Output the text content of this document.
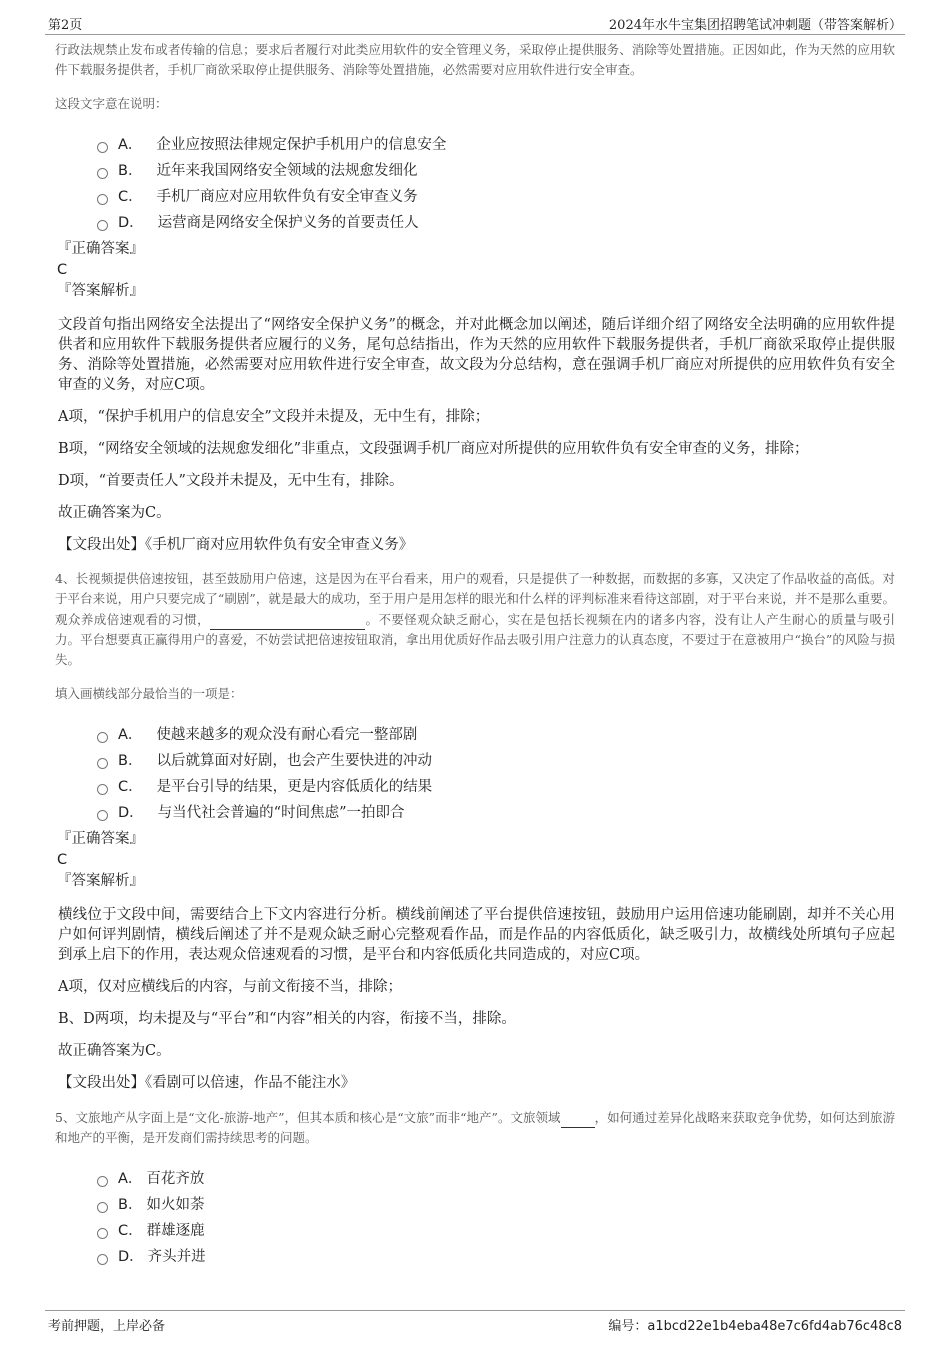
第2页	2024年水牛宝集团招聘笔试冲刺题（带答案解析）
行政法规禁止发布或者传输的信息；要求后者履行对此类应用软件的安全管理义务，采取停止提供服务、消除等处置措施。正因如此，作为天然的应用软件下载服务提供者，手机厂商欲采取停止提供服务、消除等处置措施，必然需要对应用软件进行安全审查。
这段文字意在说明：
A． 企业应按照法律规定保护手机用户的信息安全
B． 近年来我国网络安全领域的法规愈发细化
C． 手机厂商应对应用软件负有安全审查义务
D． 运营商是网络安全保护义务的首要责任人
『正确答案』
C
『答案解析』
文段首句指出网络安全法提出了“网络安全保护义务”的概念，并对此概念加以阐述，随后详细介绍了网络安全法明确的应用软件提供者和应用软件下载服务提供者应履行的义务，尾句总结指出，作为天然的应用软件下载服务提供者，手机厂商欲采取停止提供服务、消除等处置措施，必然需要对应用软件进行安全审查，故文段为分总结构，意在强调手机厂商应对所提供的应用软件负有安全审查的义务，对应C项。
A项，“保护手机用户的信息安全”文段并未提及，无中生有，排除；
B项，“网络安全领域的法规愈发细化”非重点，文段强调手机厂商应对所提供的应用软件负有安全审查的义务，排除；
D项，“首要责任人”文段并未提及，无中生有，排除。
故正确答案为C。
【文段出处】《手机厂商对应用软件负有安全审查义务》
4、长视频提供倍速按钮，甚至鼓励用户倍速，这是因为在平台看来，用户的观看，只是提供了一种数据，而数据的多寡，又决定了作品收益的高低。对于平台来说，用户只要完成了“刷剧”，就是最大的成功，至于用户是用怎样的眼光和什么样的评判标准来看待这部剧，对于平台来说，并不是那么重要。观众养成倍速观看的习惯，	。不要怪观众缺乏耐心，实在是包括长视频在内的诸多内容，没有让人产生耐心的质量与吸引力。平台想要真正赢得用户的喜爱，不妨尝试把倍速按钮取消，拿出用优质好作品去吸引用户注意力的认真态度，不要过于在意被用户“换台”的风险与损失。
填入画横线部分最恰当的一项是：
A． 使越来越多的观众没有耐心看完一整部剧
B． 以后就算面对好剧，也会产生要快进的冲动
C． 是平台引导的结果，更是内容低质化的结果
D． 与当代社会普遍的“时间焦虑”一拍即合
『正确答案』
C
『答案解析』
横线位于文段中间，需要结合上下文内容进行分析。横线前阐述了平台提供倍速按钮，鼓励用户运用倍速功能刷剧，却并不关心用户如何评判剧情，横线后阐述了并不是观众缺乏耐心完整观看作品，而是作品的内容低质化，缺乏吸引力，故横线处所填句子应起到承上启下的作用，表达观众倍速观看的习惯，是平台和内容低质化共同造成的，对应C项。
A项，仅对应横线后的内容，与前文衔接不当，排除；
B、D两项，均未提及与“平台”和“内容”相关的内容，衔接不当，排除。
故正确答案为C。
【文段出处】《看剧可以倍速，作品不能注水》
5、文旅地产从字面上是“文化-旅游-地产”，但其本质和核心是“文旅”而非“地产”。文旅领域	，如何通过差异化战略来获取竞争优势，如何达到旅游和地产的平衡，是开发商们需持续思考的问题。
A． 百花齐放
B． 如火如荼
C． 群雄逐鹿
D． 齐头并进
考前押题，上岸必备	编号：a1bcd22e1b4eba48e7c6fd4ab76c48c8
